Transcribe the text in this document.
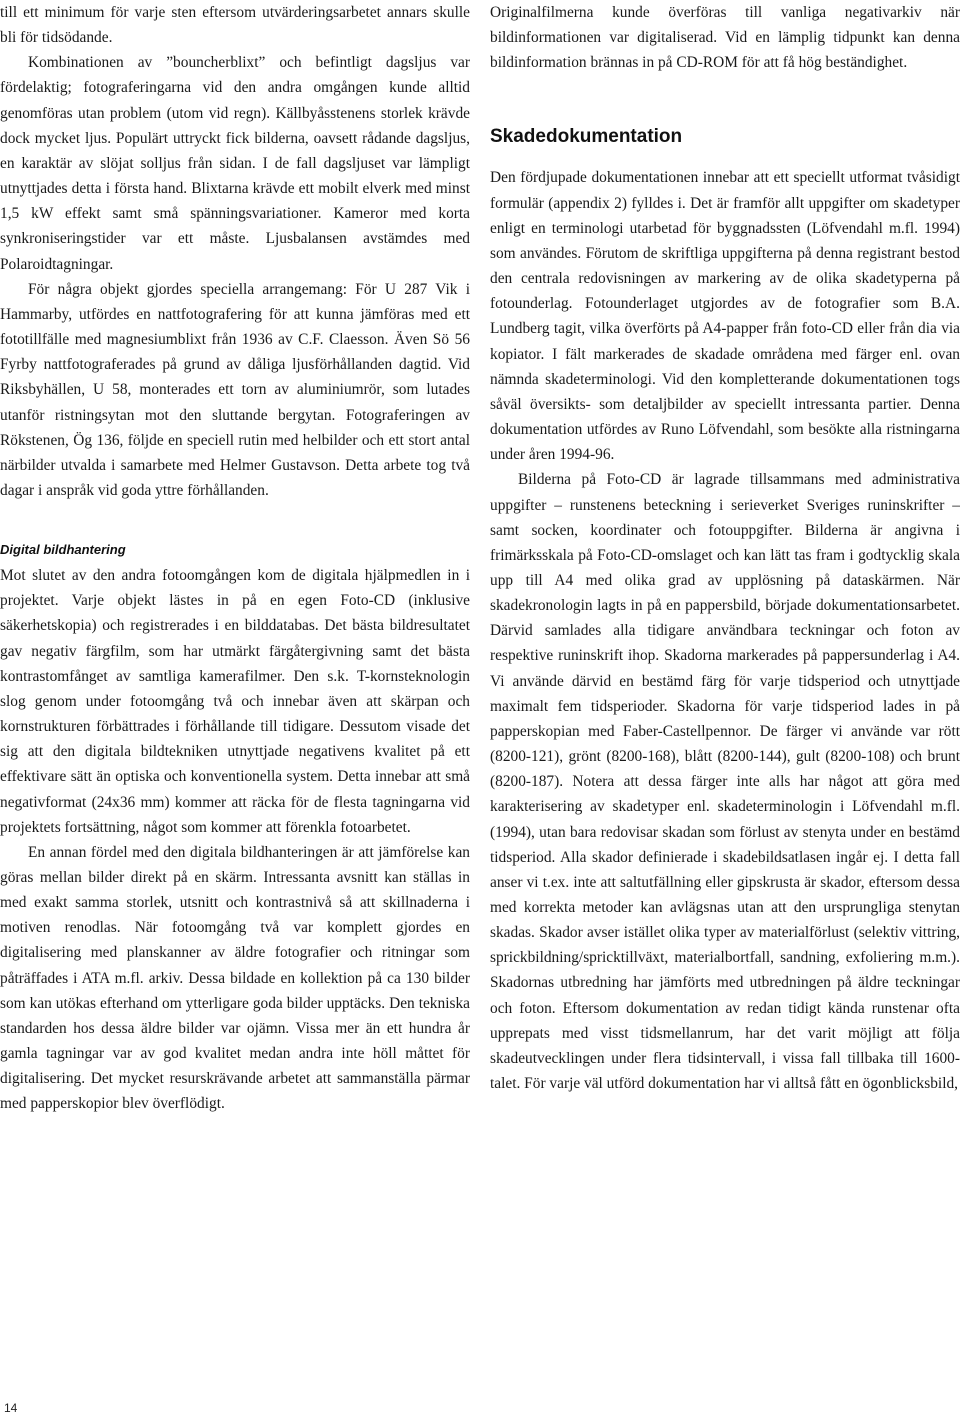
till ett minimum för varje sten eftersom utvärderingsarbetet annars skulle bli för tidsödande.

Kombinationen av ”bouncherblixt” och befintligt dagsljus var fördelaktig; fotograferingarna vid den andra omgången kunde alltid genomföras utan problem (utom vid regn). Källbyåsstenens storlek krävde dock mycket ljus. Populärt uttryckt fick bilderna, oavsett rådande dagsljus, en karaktär av slöjat solljus från sidan. I de fall dagsljuset var lämpligt utnyttjades detta i första hand. Blixtarna krävde ett mobilt elverk med minst 1,5 kW effekt samt små spänningsvariationer. Kameror med korta synkroniseringstider var ett måste. Ljusbalansen avstämdes med Polaroidtagningar.

För några objekt gjordes speciella arrangemang: För U 287 Vik i Hammarby, utfördes en nattfotografering för att kunna jämföras med ett fototillfälle med magnesiumblixt från 1936 av C.F. Claesson. Även Sö 56 Fyrby nattfotograferades på grund av dåliga ljusförhållanden dagtid. Vid Riksbyhällen, U 58, monterades ett torn av aluminiumrör, som lutades utanför ristningsytan mot den sluttande bergytan. Fotograferingen av Rökstenen, Ög 136, följde en speciell rutin med helbilder och ett stort antal närbilder utvalda i samarbete med Helmer Gustavson. Detta arbete tog två dagar i anspråk vid goda yttre förhållanden.

Digital bildhantering

Mot slutet av den andra fotoomgången kom de digitala hjälpmedlen in i projektet. Varje objekt lästes in på en egen Foto-CD (inklusive säkerhetskopia) och registrerades i en bilddatabas. Det bästa bildresultatet gav negativ färgfilm, som har utmärkt färgåtergivning samt det bästa kontrastomfånget av samtliga kamerafilmer. Den s.k. T-kornsteknologin slog genom under fotoomgång två och innebar även att skärpan och kornstrukturen förbättrades i förhållande till tidigare. Dessutom visade det sig att den digitala bildtekniken utnyttjade negativens kvalitet på ett effektivare sätt än optiska och konventionella system. Detta innebar att små negativformat (24x36 mm) kommer att räcka för de flesta tagningarna vid projektets fortsättning, något som kommer att förenkla fotoarbetet.

En annan fördel med den digitala bildhanteringen är att jämförelse kan göras mellan bilder direkt på en skärm. Intressanta avsnitt kan ställas in med exakt samma storlek, utsnitt och kontrastnivå så att skillnaderna i motiven renodlas. När fotoomgång två var komplett gjordes en digitalisering med planskanner av äldre fotografier och ritningar som påträffades i ATA m.fl. arkiv. Dessa bildade en kollektion på ca 130 bilder som kan utökas efterhand om ytterligare goda bilder upptäcks. Den tekniska standarden hos dessa äldre bilder var ojämn. Vissa mer än ett hundra år gamla tagningar var av god kvalitet medan andra inte höll måttet för digitalisering. Det mycket resurskrävande arbetet att sammanställa pärmar med papperskopior blev överflödigt.

Originalfilmerna kunde överföras till vanliga negativarkiv när bildinformationen var digitaliserad. Vid en lämplig tidpunkt kan denna bildinformation brännas in på CD-ROM för att få hög beständighet.

Skadedokumentation

Den fördjupade dokumentationen innebar att ett speciellt utformat tvåsidigt formulär (appendix 2) fylldes i. Det är framför allt uppgifter om skadetyper enligt en terminologi utarbetad för byggnadssten (Löfvendahl m.fl. 1994) som användes. Förutom de skriftliga uppgifterna på denna registrant bestod den centrala redovisningen av markering av de olika skadetyperna på fotounderlag. Fotounderlaget utgjordes av de fotografier som B.A. Lundberg tagit, vilka överförts på A4-papper från foto-CD eller från dia via kopiator. I fält markerades de skadade områdena med färger enl. ovan nämnda skadeterminologi. Vid den kompletterande dokumentationen togs såväl översikts- som detaljbilder av speciellt intressanta partier. Denna dokumentation utfördes av Runo Löfvendahl, som besökte alla ristningarna under åren 1994-96.

Bilderna på Foto-CD är lagrade tillsammans med administrativa uppgifter – runstenens beteckning i serieverket Sveriges runinskrifter – samt socken, koordinater och fotouppgifter. Bilderna är angivna i frimärksskala på Foto-CD-omslaget och kan lätt tas fram i godtycklig skala upp till A4 med olika grad av upplösning på dataskärmen. När skadekronologin lagts in på en pappersbild, började dokumentationsarbetet. Därvid samlades alla tidigare användbara teckningar och foton av respektive runinskrift ihop. Skadorna markerades på pappersunderlag i A4. Vi använde därvid en bestämd färg för varje tidsperiod och utnyttjade maximalt fem tidsperioder. Skadorna för varje tidsperiod lades in på papperskopian med Faber-Castellpennor. De färger vi använde var rött (8200-121), grönt (8200-168), blått (8200-144), gult (8200-108) och brunt (8200-187). Notera att dessa färger inte alls har något att göra med karakterisering av skadetyper enl. skadeterminologin i Löfvendahl m.fl. (1994), utan bara redovisar skadan som förlust av stenyta under en bestämd tidsperiod. Alla skador definierade i skadebildsatlasen ingår ej. I detta fall anser vi t.ex. inte att saltutfällning eller gipskrusta är skador, eftersom dessa med korrekta metoder kan avlägsnas utan att den ursprungliga stenytan skadas. Skador avser istället olika typer av materialförlust (selektiv vittring, sprickbildning/spricktillväxt, materialbortfall, sandning, exfoliering m.m.). Skadornas utbredning har jämförts med utbredningen på äldre teckningar och foton. Eftersom dokumentation av redan tidigt kända runstenar ofta upprepats med visst tidsmellanrum, har det varit möjligt att följa skadeutvecklingen under flera tidsintervall, i vissa fall tillbaka till 1600-talet. För varje väl utförd dokumentation har vi alltså fått en ögonblicksbild,

14
